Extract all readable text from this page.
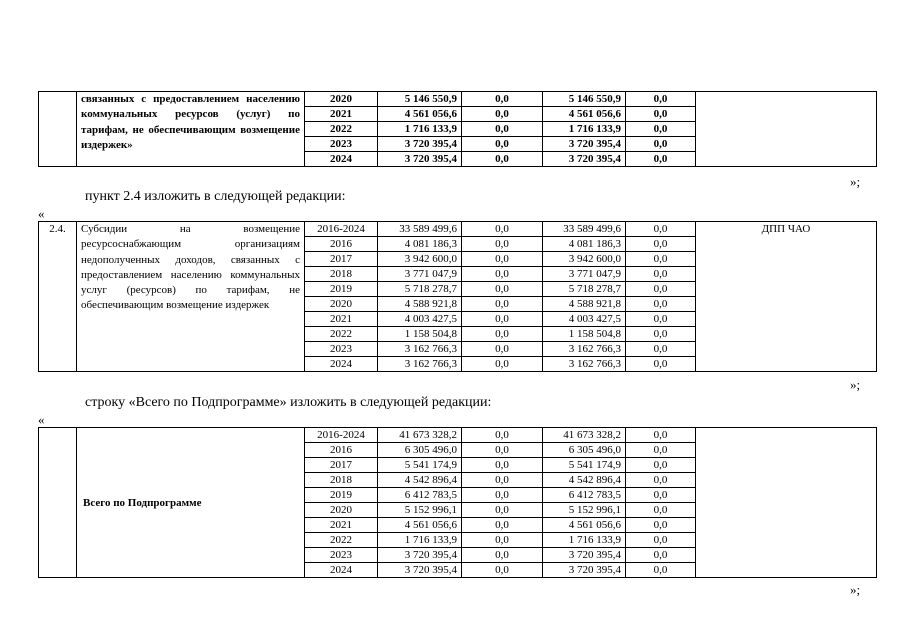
	связанных с предоставлением населению коммунальных ресурсов (услуг) по тарифам, не обеспечивающим возмещение издержек»	2020	5 146 550,9	0,0	5 146 550,9	0,0	
		2021	4 561 056,6	0,0	4 561 056,6	0,0	
		2022	1 716 133,9	0,0	1 716 133,9	0,0	
		2023	3 720 395,4	0,0	3 720 395,4	0,0	
		2024	3 720 395,4	0,0	3 720 395,4	0,0	
»;
пункт 2.4 изложить в следующей редакции:
«
2.4.	Субсидии на возмещение ресурсоснабжающим организациям недополученных доходов, связанных с предоставлением населению коммунальных услуг (ресурсов) по тарифам, не обеспечивающим возмещение издержек	2016-2024	33 589 499,6	0,0	33 589 499,6	0,0	ДПП ЧАО
		2016	4 081 186,3	0,0	4 081 186,3	0,0	
		2017	3 942 600,0	0,0	3 942 600,0	0,0	
		2018	3 771 047,9	0,0	3 771 047,9	0,0	
		2019	5 718 278,7	0,0	5 718 278,7	0,0	
		2020	4 588 921,8	0,0	4 588 921,8	0,0	
		2021	4 003 427,5	0,0	4 003 427,5	0,0	
		2022	1 158 504,8	0,0	1 158 504,8	0,0	
		2023	3 162 766,3	0,0	3 162 766,3	0,0	
		2024	3 162 766,3	0,0	3 162 766,3	0,0	
»;
строку «Всего по Подпрограмме» изложить в следующей редакции:
«
	Всего по Подпрограмме	2016-2024	41 673 328,2	0,0	41 673 328,2	0,0	
		2016	6 305 496,0	0,0	6 305 496,0	0,0	
		2017	5 541 174,9	0,0	5 541 174,9	0,0	
		2018	4 542 896,4	0,0	4 542 896,4	0,0	
		2019	6 412 783,5	0,0	6 412 783,5	0,0	
		2020	5 152 996,1	0,0	5 152 996,1	0,0	
		2021	4 561 056,6	0,0	4 561 056,6	0,0	
		2022	1 716 133,9	0,0	1 716 133,9	0,0	
		2023	3 720 395,4	0,0	3 720 395,4	0,0	
		2024	3 720 395,4	0,0	3 720 395,4	0,0	
»;
